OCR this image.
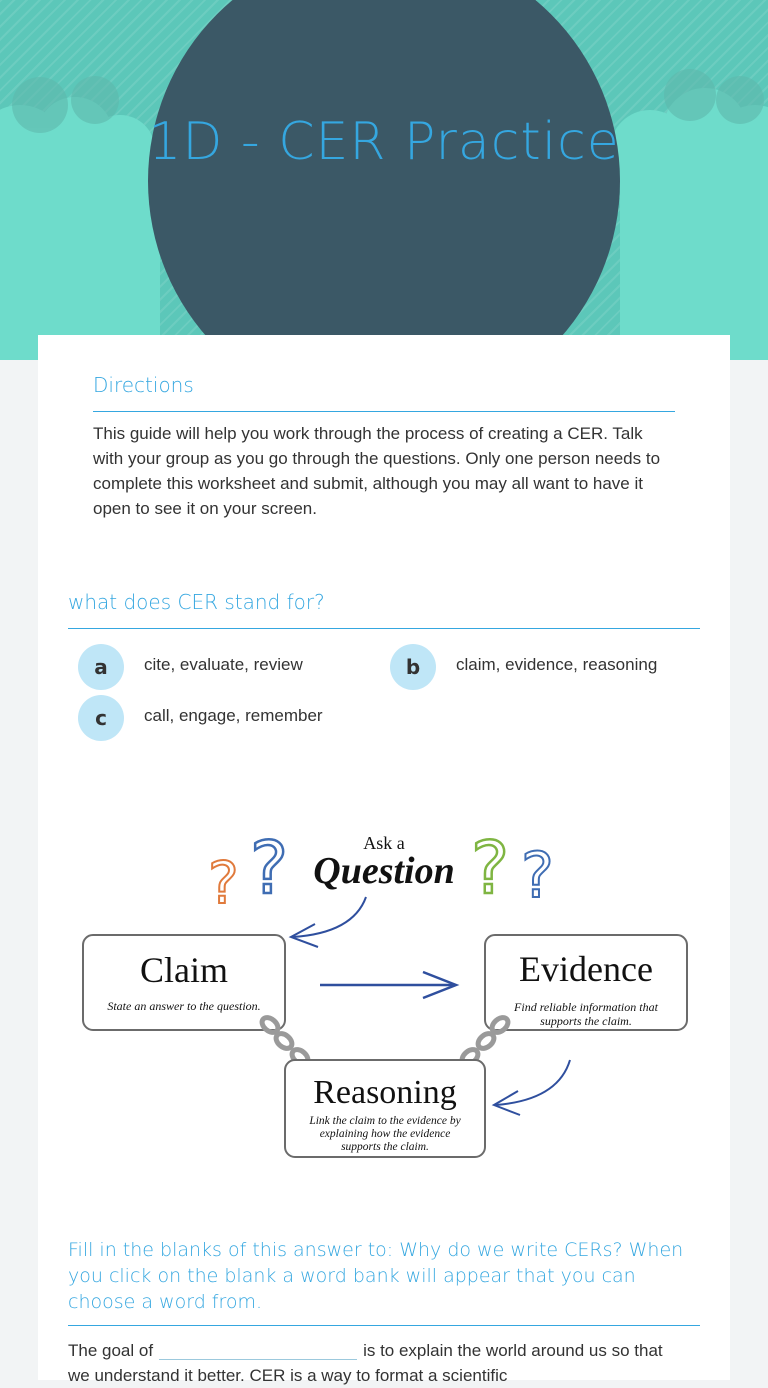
1D - CER Practice
Directions
This guide will help you work through the process of creating a CER. Talk with your group as you go through the questions. Only one person needs to complete this worksheet and submit, although you may all want to have it open to see it on your screen.
what does CER stand for?
a	cite, evaluate, review	b	claim, evidence, reasoning
c	call, engage, remember
? ?	? ?
Ask a
Question
Claim
State an answer to the question.
Evidence
Find reliable information that
supports the claim.
Reasoning
Link the claim to the evidence by
explaining how the evidence
supports the claim.
Fill in the blanks of this answer to: Why do we write CERs? When you click on the blank a word bank will appear that you can choose a word from.
The goal of	is to explain the world around us so that we understand it better. CER is a way to format a scientific
